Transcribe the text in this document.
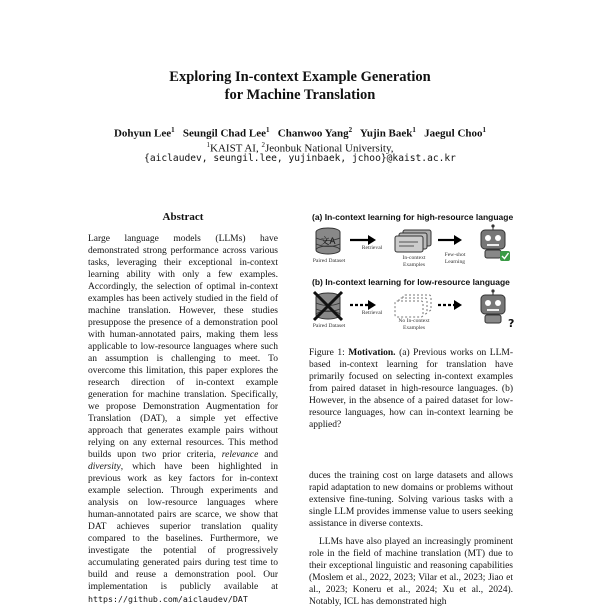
Exploring In-context Example Generation
for Machine Translation
Dohyun Lee$^1$ Seungil Chad Lee$^1$ Chanwoo Yang$^2$ Yujin Baek$^1$ Jaegul Choo$^1$
$^1$KAIST AI, $^2$Jeonbuk National University,
{aiclaudev, seungil.lee, yujinbaek, jchoo}@kaist.ac.kr
Abstract

Large language models (LLMs) have demonstrated strong performance across various tasks, leveraging their exceptional in-context learning ability with only a few examples. Accordingly, the selection of optimal in-context examples has been actively studied in the field of machine translation. However, these studies presuppose the presence of a demonstration pool with human-annotated pairs, making them less applicable to low-resource languages where such an assumption is challenging to meet. To overcome this limitation, this paper explores the research direction of in-context example generation for machine translation. Specifically, we propose Demonstration Augmentation for Translation (DAT), a simple yet effective approach that generates example pairs without relying on any external resources. This method builds upon two prior criteria, relevance and diversity, which have been highlighted in previous work as key factors for in-context example selection. Through experiments and analysis on low-resource languages where human-annotated pairs are scarce, we show that DAT achieves superior translation quality compared to the baselines. Furthermore, we investigate the potential of progressively accumulating generated pairs during test time to build and reuse a demonstration pool. Our implementation is publicly available at https://github.com/aiclaudev/DAT

(a) In-context learning for high-resource language
文A
Paired Dataset
Retrieval
In-context Examples
Few-shot Learning
(b) In-context learning for low-resource language
?
Paired Dataset
Retrieval
No In-context Examples

Figure 1: Motivation. (a) Previous works on LLM-based in-context learning for translation have primarily focused on selecting in-context examples from paired dataset in high-resource languages. (b) However, in the absence of a paired dataset for low-resource languages, how can in-context learning be applied?

duces the training cost on large datasets and allows rapid adaptation to new domains or problems without extensive fine-tuning. Solving various tasks with a single LLM provides immense value to users seeking assistance in diverse contexts.

LLMs have also played an increasingly prominent role in the field of machine translation (MT) due to their exceptional linguistic and reasoning capabilities (Moslem et al., 2022, 2023; Vilar et al., 2023; Jiao et al., 2023; Koneru et al., 2024; Xu et al., 2024). Notably, ICL has demonstrated high
